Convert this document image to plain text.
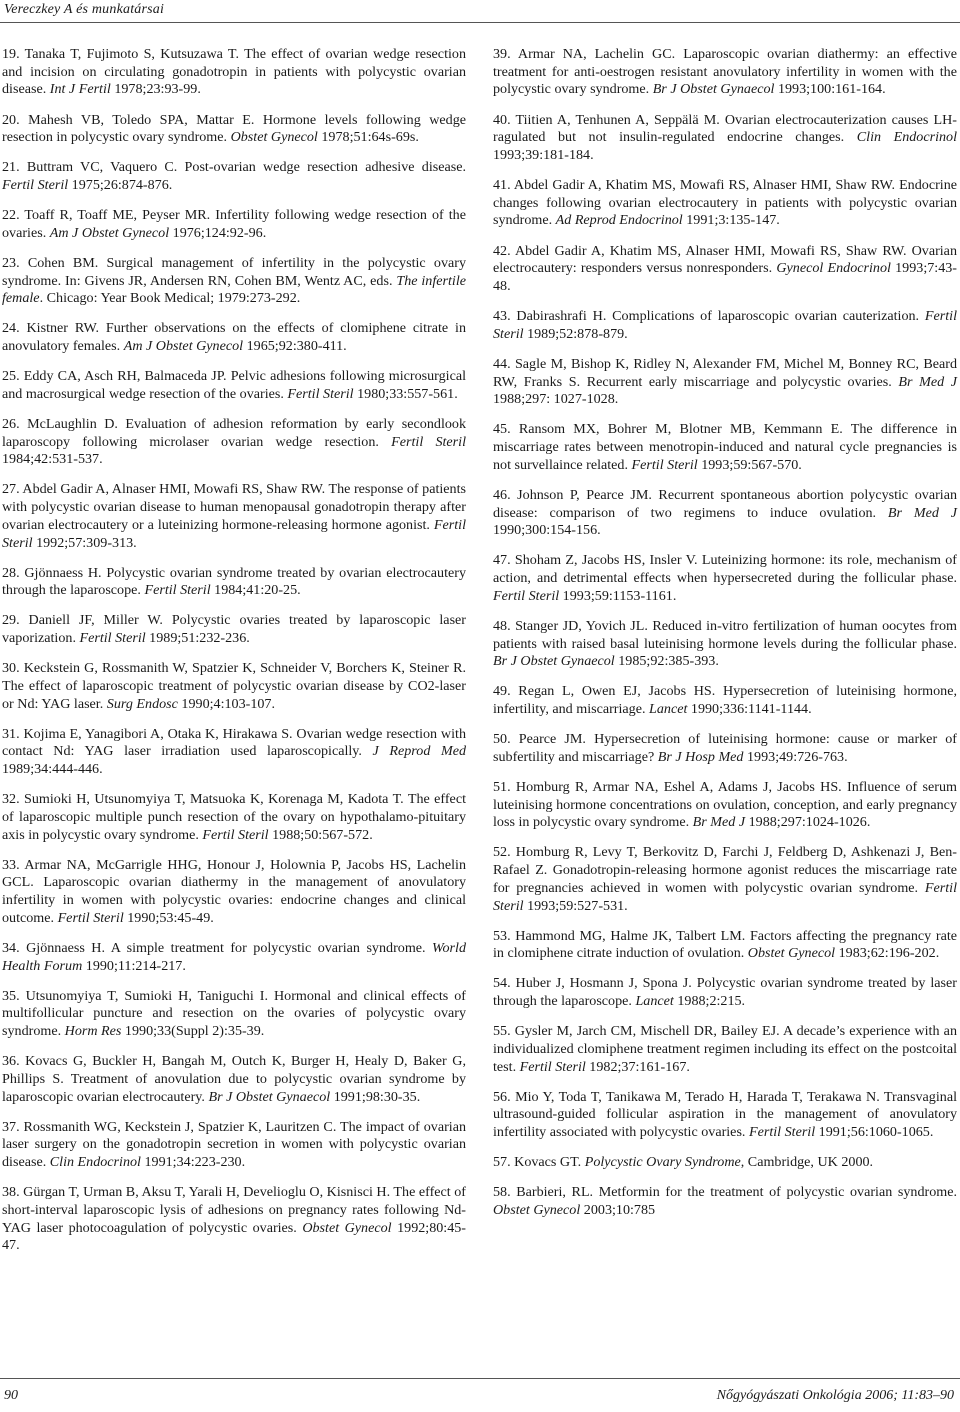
Vereczkey A és munkatársai

19. Tanaka T, Fujimoto S, Kutsuzawa T. The effect of ovarian wedge resection and incision on circulating gonadotropin in patients with polycystic ovarian disease. Int J Fertil 1978;23:93-99.

20. Mahesh VB, Toledo SPA, Mattar E. Hormone levels following wedge resection in polycystic ovary syndrome. Obstet Gynecol 1978;51:64s-69s.

21. Buttram VC, Vaquero C. Post-ovarian wedge resection adhesive disease. Fertil Steril 1975;26:874-876.

22. Toaff R, Toaff ME, Peyser MR. Infertility following wedge resection of the ovaries. Am J Obstet Gynecol 1976;124:92-96.

23. Cohen BM. Surgical management of infertility in the polycystic ovary syndrome. In: Givens JR, Andersen RN, Cohen BM, Wentz AC, eds. The infertile female. Chicago: Year Book Medical; 1979:273-292.

24. Kistner RW. Further observations on the effects of clomiphene citrate in anovulatory females. Am J Obstet Gynecol 1965;92:380-411.

25. Eddy CA, Asch RH, Balmaceda JP. Pelvic adhesions following microsurgical and macrosurgical wedge resection of the ovaries. Fertil Steril 1980;33:557-561.

26. McLaughlin D. Evaluation of adhesion reformation by early secondlook laparoscopy following microlaser ovarian wedge resection. Fertil Steril 1984;42:531-537.

27. Abdel Gadir A, Alnaser HMI, Mowafi RS, Shaw RW. The response of patients with polycystic ovarian disease to human menopausal gonadotropin therapy after ovarian electrocautery or a luteinizing hormone-releasing hormone agonist. Fertil Steril 1992;57:309-313.

28. Gjönnaess H. Polycystic ovarian syndrome treated by ovarian electrocautery through the laparoscope. Fertil Steril 1984;41:20-25.

29. Daniell JF, Miller W. Polycystic ovaries treated by laparoscopic laser vaporization. Fertil Steril 1989;51:232-236.

30. Keckstein G, Rossmanith W, Spatzier K, Schneider V, Borchers K, Steiner R. The effect of laparoscopic treatment of polycystic ovarian disease by CO2-laser or Nd: YAG laser. Surg Endosc 1990;4:103-107.

31. Kojima E, Yanagibori A, Otaka K, Hirakawa S. Ovarian wedge resection with contact Nd: YAG laser irradiation used laparoscopically. J Reprod Med 1989;34:444-446.

32. Sumioki H, Utsunomyiya T, Matsuoka K, Korenaga M, Kadota T. The effect of laparoscopic multiple punch resection of the ovary on hypothalamo-pituitary axis in polycystic ovary syndrome. Fertil Steril 1988;50:567-572.

33. Armar NA, McGarrigle HHG, Honour J, Holownia P, Jacobs HS, Lachelin GCL. Laparoscopic ovarian diathermy in the management of anovulatory infertility in women with polycystic ovaries: endocrine changes and clinical outcome. Fertil Steril 1990;53:45-49.

34. Gjönnaess H. A simple treatment for polycystic ovarian syndrome. World Health Forum 1990;11:214-217.

35. Utsunomyiya T, Sumioki H, Taniguchi I. Hormonal and clinical effects of multifollicular puncture and resection on the ovaries of polycystic ovary syndrome. Horm Res 1990;33(Suppl 2):35-39.

36. Kovacs G, Buckler H, Bangah M, Outch K, Burger H, Healy D, Baker G, Phillips S. Treatment of anovulation due to polycystic ovarian syndrome by laparoscopic ovarian electrocautery. Br J Obstet Gynaecol 1991;98:30-35.

37. Rossmanith WG, Keckstein J, Spatzier K, Lauritzen C. The impact of ovarian laser surgery on the gonadotropin secretion in women with polycystic ovarian disease. Clin Endocrinol 1991;34:223-230.

38. Gürgan T, Urman B, Aksu T, Yarali H, Develioglu O, Kisnisci H. The effect of short-interval laparoscopic lysis of adhesions on pregnancy rates following Nd-YAG laser photocoagulation of polycystic ovaries. Obstet Gynecol 1992;80:45-47.

39. Armar NA, Lachelin GC. Laparoscopic ovarian diathermy: an effective treatment for anti-oestrogen resistant anovulatory infertility in women with the polycystic ovary syndrome. Br J Obstet Gynaecol 1993;100:161-164.

40. Tiitien A, Tenhunen A, Seppälä M. Ovarian electrocauterization causes LH-ragulated but not insulin-regulated endocrine changes. Clin Endocrinol 1993;39:181-184.

41. Abdel Gadir A, Khatim MS, Mowafi RS, Alnaser HMI, Shaw RW. Endocrine changes following ovarian electrocautery in patients with polycystic ovarian syndrome. Ad Reprod Endocrinol 1991;3:135-147.

42. Abdel Gadir A, Khatim MS, Alnaser HMI, Mowafi RS, Shaw RW. Ovarian electrocautery: responders versus nonresponders. Gynecol Endocrinol 1993;7:43-48.

43. Dabirashrafi H. Complications of laparoscopic ovarian cauterization. Fertil Steril 1989;52:878-879.

44. Sagle M, Bishop K, Ridley N, Alexander FM, Michel M, Bonney RC, Beard RW, Franks S. Recurrent early miscarriage and polycystic ovaries. Br Med J 1988;297: 1027-1028.

45. Ransom MX, Bohrer M, Blotner MB, Kemmann E. The difference in miscarriage rates between menotropin-induced and natural cycle pregnancies is not survellaince related. Fertil Steril 1993;59:567-570.

46. Johnson P, Pearce JM. Recurrent spontaneous abortion polycystic ovarian disease: comparison of two regimens to induce ovulation. Br Med J 1990;300:154-156.

47. Shoham Z, Jacobs HS, Insler V. Luteinizing hormone: its role, mechanism of action, and detrimental effects when hypersecreted during the follicular phase. Fertil Steril 1993;59:1153-1161.

48. Stanger JD, Yovich JL. Reduced in-vitro fertilization of human oocytes from patients with raised basal luteinising hormone levels during the follicular phase. Br J Obstet Gynaecol 1985;92:385-393.

49. Regan L, Owen EJ, Jacobs HS. Hypersecretion of luteinising hormone, infertility, and miscarriage. Lancet 1990;336:1141-1144.

50. Pearce JM. Hypersecretion of luteinising hormone: cause or marker of subfertility and miscarriage? Br J Hosp Med 1993;49:726-763.

51. Homburg R, Armar NA, Eshel A, Adams J, Jacobs HS. Influence of serum luteinising hormone concentrations on ovulation, conception, and early pregnancy loss in polycystic ovary syndrome. Br Med J 1988;297:1024-1026.

52. Homburg R, Levy T, Berkovitz D, Farchi J, Feldberg D, Ashkenazi J, Ben-Rafael Z. Gonadotropin-releasing hormone agonist reduces the miscarriage rate for pregnancies achieved in women with polycystic ovarian syndrome. Fertil Steril 1993;59:527-531.

53. Hammond MG, Halme JK, Talbert LM. Factors affecting the pregnancy rate in clomiphene citrate induction of ovulation. Obstet Gynecol 1983;62:196-202.

54. Huber J, Hosmann J, Spona J. Polycystic ovarian syndrome treated by laser through the laparoscope. Lancet 1988;2:215.

55. Gysler M, Jarch CM, Mischell DR, Bailey EJ. A decade’s experience with an individualized clomiphene treatment regimen including its effect on the postcoital test. Fertil Steril 1982;37:161-167.

56. Mio Y, Toda T, Tanikawa M, Terado H, Harada T, Terakawa N. Transvaginal ultrasound-guided follicular aspiration in the management of anovulatory infertility associated with polycystic ovaries. Fertil Steril 1991;56:1060-1065.

57. Kovacs GT. Polycystic Ovary Syndrome, Cambridge, UK 2000.

58. Barbieri, RL. Metformin for the treatment of polycystic ovarian syndrome. Obstet Gynecol 2003;10:785

90	Nőgyógyászati Onkológia 2006; 11:83–90
